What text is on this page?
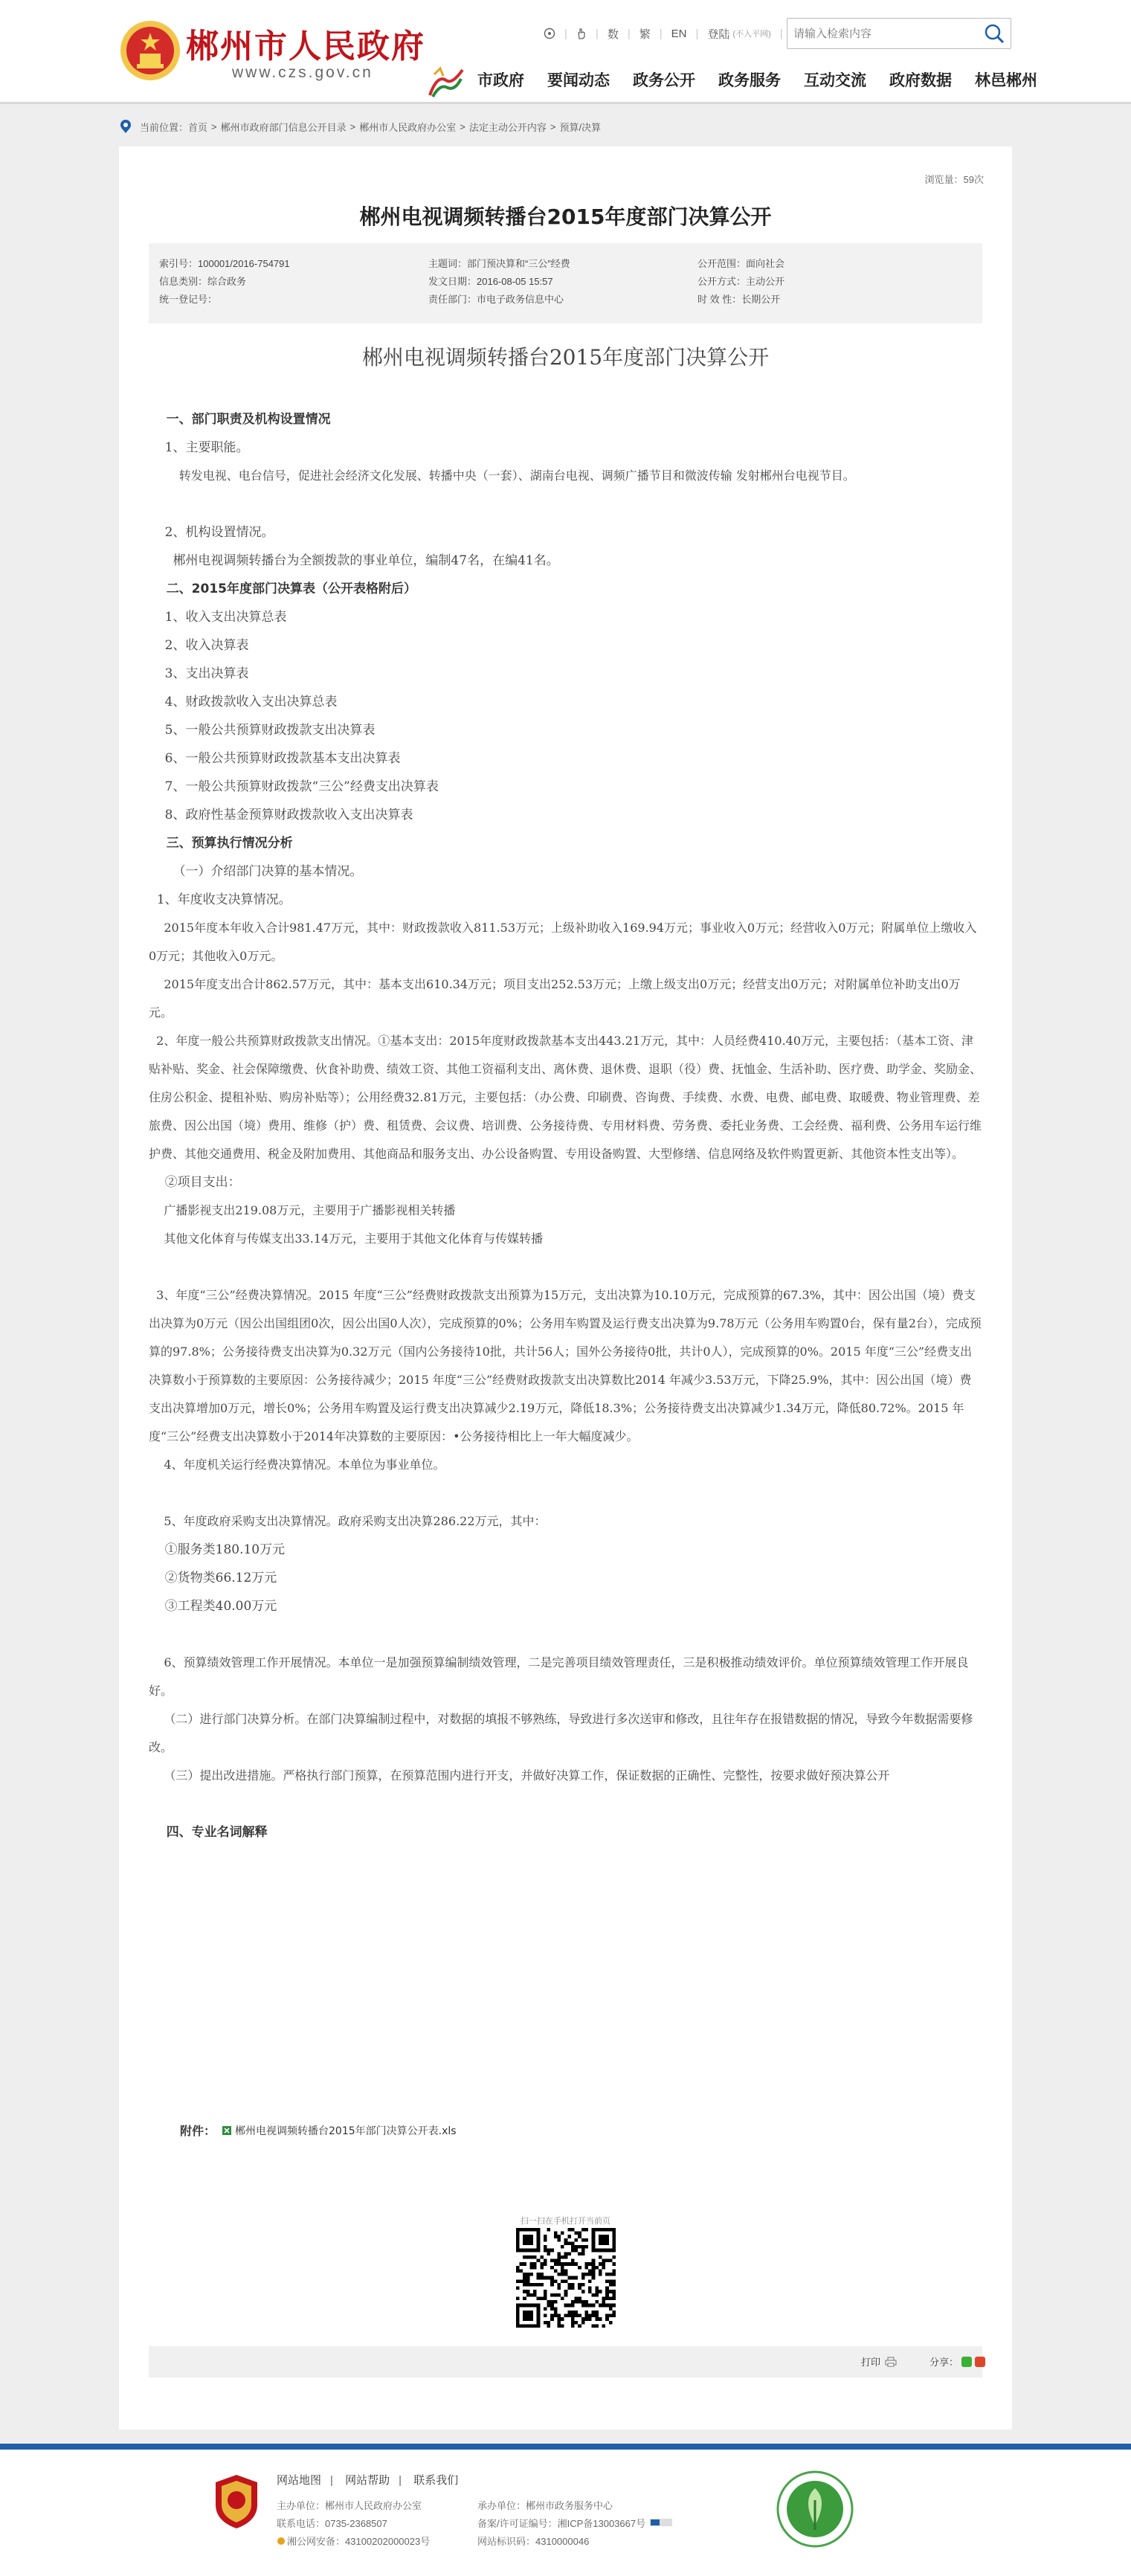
郴州市人民政府
www.czs.gov.cn
|	| 数 | 繁 | EN | 登陆 (不入平网) |
请输入检索内容
市政府 要闻动态 政务公开 政务服务 互动交流 政府数据 林邑郴州
当前位置： 首页 > 郴州市政府部门信息公开目录 > 郴州市人民政府办公室 > 法定主动公开内容 > 预算/决算
浏览量：59次
郴州电视调频转播台2015年度部门决算公开
索引号：100001/2016-754791	主题词：部门预决算和“三公”经费	公开范围：面向社会
信息类别：综合政务	发文日期：2016-08-05 15:57	公开方式：主动公开
统一登记号：	责任部门：市电子政务信息中心	时 效 性：长期公开
郴州电视调频转播台2015年度部门决算公开

一、部门职责及机构设置情况

1、主要职能。

转发电视、电台信号，促进社会经济文化发展、转播中央（一套）、湖南台电视、调频广播节目和微波传输 发射郴州台电视节目。

2、机构设置情况。

郴州电视调频转播台为全额拨款的事业单位，编制47名，在编41名。

二、2015年度部门决算表（公开表格附后）

1、收入支出决算总表

2、收入决算表

3、支出决算表

4、财政拨款收入支出决算总表

5、一般公共预算财政拨款支出决算表

6、一般公共预算财政拨款基本支出决算表

7、一般公共预算财政拨款“三公”经费支出决算表

8、政府性基金预算财政拨款收入支出决算表

三、预算执行情况分析

（一）介绍部门决算的基本情况。

1、年度收支决算情况。

2015年度本年收入合计981.47万元，其中：财政拨款收入811.53万元；上级补助收入169.94万元；事业收入0万元；经营收入0万元；附属单位上缴收入0万元；其他收入0万元。

2015年度支出合计862.57万元，其中：基本支出610.34万元；项目支出252.53万元；上缴上级支出0万元；经营支出0万元；对附属单位补助支出0万元。

2、年度一般公共预算财政拨款支出情况。①基本支出：2015年度财政拨款基本支出443.21万元，其中：人员经费410.40万元，主要包括：（基本工资、津贴补贴、奖金、社会保障缴费、伙食补助费、绩效工资、其他工资福利支出、离休费、退休费、退职（役）费、抚恤金、生活补助、医疗费、助学金、奖励金、住房公积金、提租补贴、购房补贴等）；公用经费32.81万元，主要包括：（办公费、印刷费、咨询费、手续费、水费、电费、邮电费、取暖费、物业管理费、差旅费、因公出国（境）费用、维修（护）费、租赁费、会议费、培训费、公务接待费、专用材料费、劳务费、委托业务费、工会经费、福利费、公务用车运行维护费、其他交通费用、税金及附加费用、其他商品和服务支出、办公设备购置、专用设备购置、大型修缮、信息网络及软件购置更新、其他资本性支出等）。

②项目支出：

广播影视支出219.08万元，主要用于广播影视相关转播

其他文化体育与传媒支出33.14万元，主要用于其他文化体育与传媒转播

3、年度“三公”经费决算情况。2015 年度“三公”经费财政拨款支出预算为15万元，支出决算为10.10万元，完成预算的67.3%，其中：因公出国（境）费支出决算为0万元（因公出国组团0次，因公出国0人次），完成预算的0%；公务用车购置及运行费支出决算为9.78万元（公务用车购置0台，保有量2台），完成预算的97.8%；公务接待费支出决算为0.32万元（国内公务接待10批，共计56人；国外公务接待0批，共计0人），完成预算的0%。2015 年度“三公”经费支出决算数小于预算数的主要原因：公务接待减少；2015 年度“三公”经费财政拨款支出决算数比2014 年减少3.53万元，下降25.9%，其中：因公出国（境）费支出决算增加0万元，增长0%；公务用车购置及运行费支出决算减少2.19万元，降低18.3%；公务接待费支出决算减少1.34万元，降低80.72%。2015 年度“三公”经费支出决算数小于2014年决算数的主要原因：•公务接待相比上一年大幅度减少。

4、年度机关运行经费决算情况。本单位为事业单位。

5、年度政府采购支出决算情况。政府采购支出决算286.22万元，其中：

①服务类180.10万元

②货物类66.12万元

③工程类40.00万元

6、预算绩效管理工作开展情况。本单位一是加强预算编制绩效管理，二是完善项目绩效管理责任，三是积极推动绩效评价。单位预算绩效管理工作开展良好。

（二）进行部门决算分析。在部门决算编制过程中，对数据的填报不够熟练，导致进行多次送审和修改，且往年存在报错数据的情况，导致今年数据需要修改。

（三）提出改进措施。严格执行部门预算，在预算范围内进行开支，并做好决算工作，保证数据的正确性、完整性，按要求做好预决算公开

四、专业名词解释

附件： 郴州电视调频转播台2015年部门决算公开表.xls
扫一扫在手机打开当前页
打印	分享：
网站地图 | 网站帮助 | 联系我们
主办单位：郴州市人民政府办公室	承办单位：郴州市政务服务中心
联系电话：0735-2368507	备案/许可证编号：湘ICP备13003667号
湘公网安备：43100202000023号	网站标识码：4310000046
